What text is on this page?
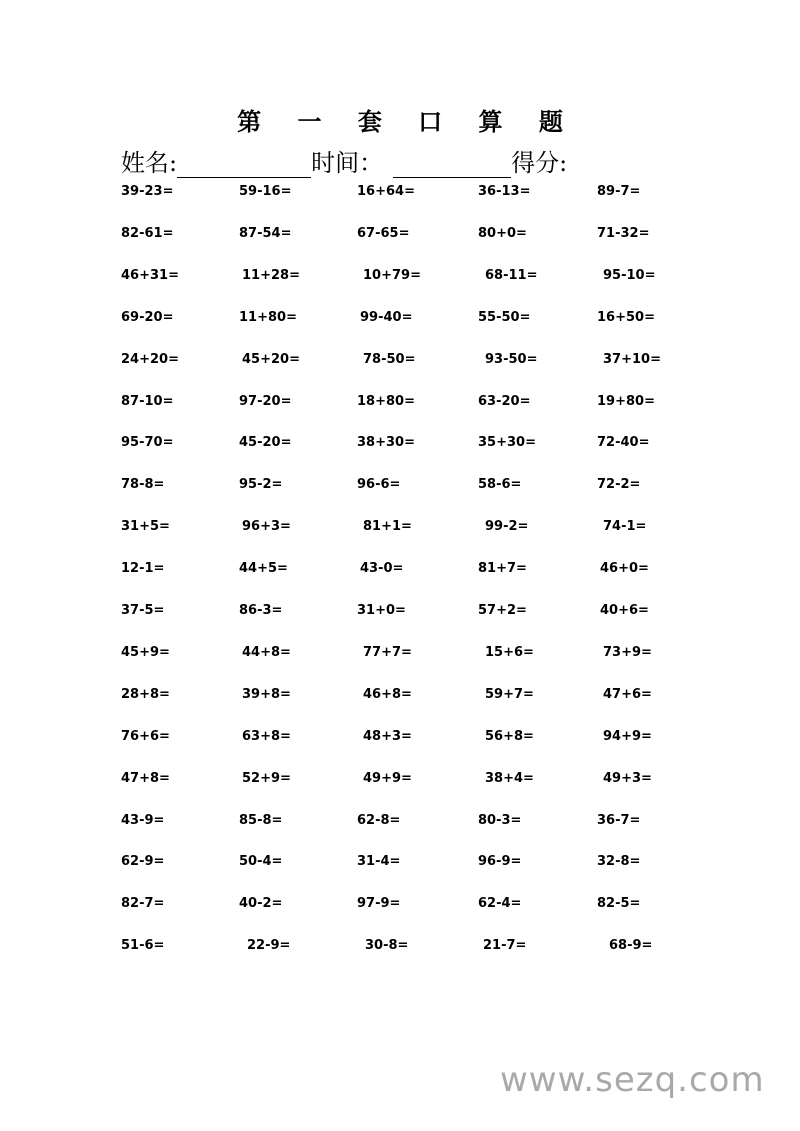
第 一 套 口 算 题
姓名:	时间：	得分:
39-23=	59-16=	16+64=	36-13=	89-7=
82-61=	87-54=	67-65=	80+0=	71-32=
46+31=	11+28=	10+79=	68-11=	95-10=
69-20=	11+80=	99-40=	55-50=	16+50=
24+20=	45+20=	78-50=	93-50=	37+10=
87-10=	97-20=	18+80=	63-20=	19+80=
95-70=	45-20=	38+30=	35+30=	72-40=
78-8=	95-2=	96-6=	58-6=	72-2=
31+5=	96+3=	81+1=	99-2=	74-1=
12-1=	44+5=	43-0=	81+7=	46+0=
37-5=	86-3=	31+0=	57+2=	40+6=
45+9=	44+8=	77+7=	15+6=	73+9=
28+8=	39+8=	46+8=	59+7=	47+6=
76+6=	63+8=	48+3=	56+8=	94+9=
47+8=	52+9=	49+9=	38+4=	49+3=
43-9=	85-8=	62-8=	80-3=	36-7=
62-9=	50-4=	31-4=	96-9=	32-8=
82-7=	40-2=	97-9=	62-4=	82-5=
51-6=	22-9=	30-8=	21-7=	68-9=
www.sezq.com
